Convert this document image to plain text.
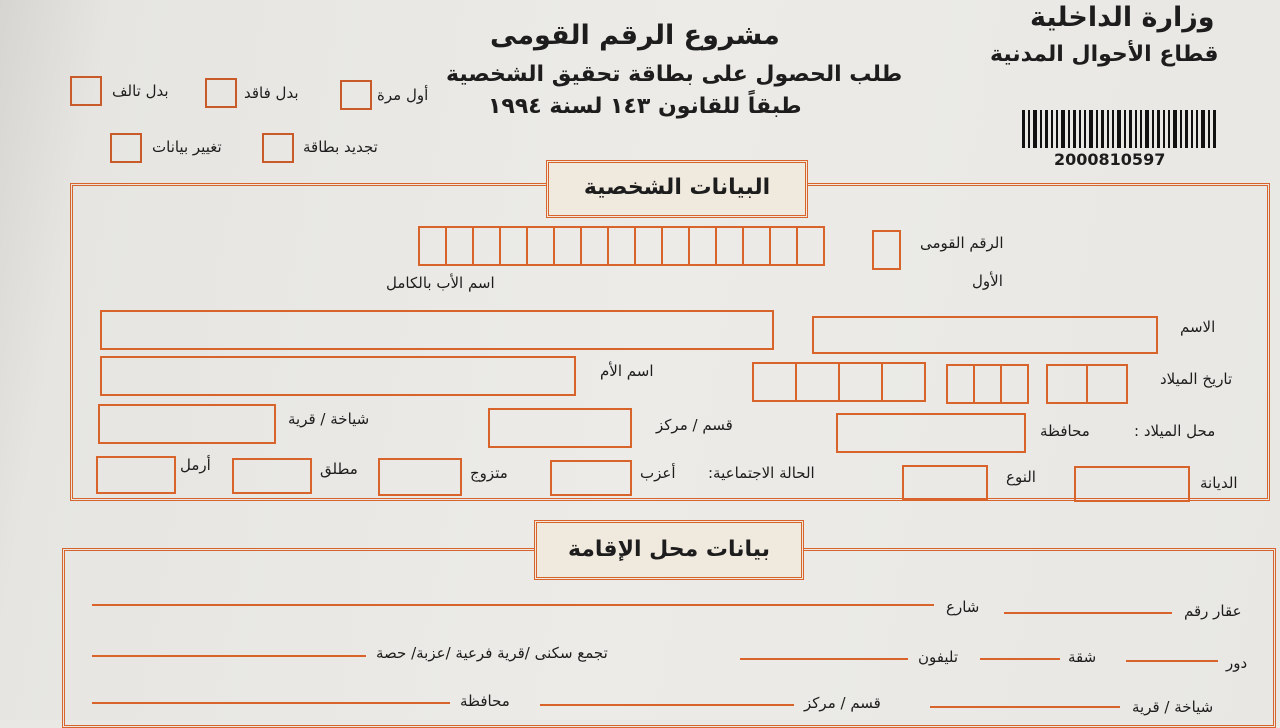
بدل تالف	بدل فاقد	أول مرة
تغيير بيانات	تجديد بطاقة
مشروع الرقم القومى
طلب الحصول على بطاقة تحقيق الشخصية
طبقاً للقانون ١٤٣ لسنة ١٩٩٤
وزارة الداخلية
قطاع الأحوال المدنية
2000810597
البيانات الشخصية
الرقم القومى
الأول
اسم الأب بالكامل
الاسم
تاريخ الميلاد
اسم الأم
محل الميلاد :
محافظة
قسم / مركز
شياخة / قرية
الديانة
النوع
الحالة الاجتماعية:
أعزب
متزوج
مطلق
أرمل
بيانات محل الإقامة
عقار رقم
شارع
دور
شقة
تليفون
تجمع سكنى /قرية فرعية /عزبة/ حصة
شياخة / قرية
قسم / مركز
محافظة
